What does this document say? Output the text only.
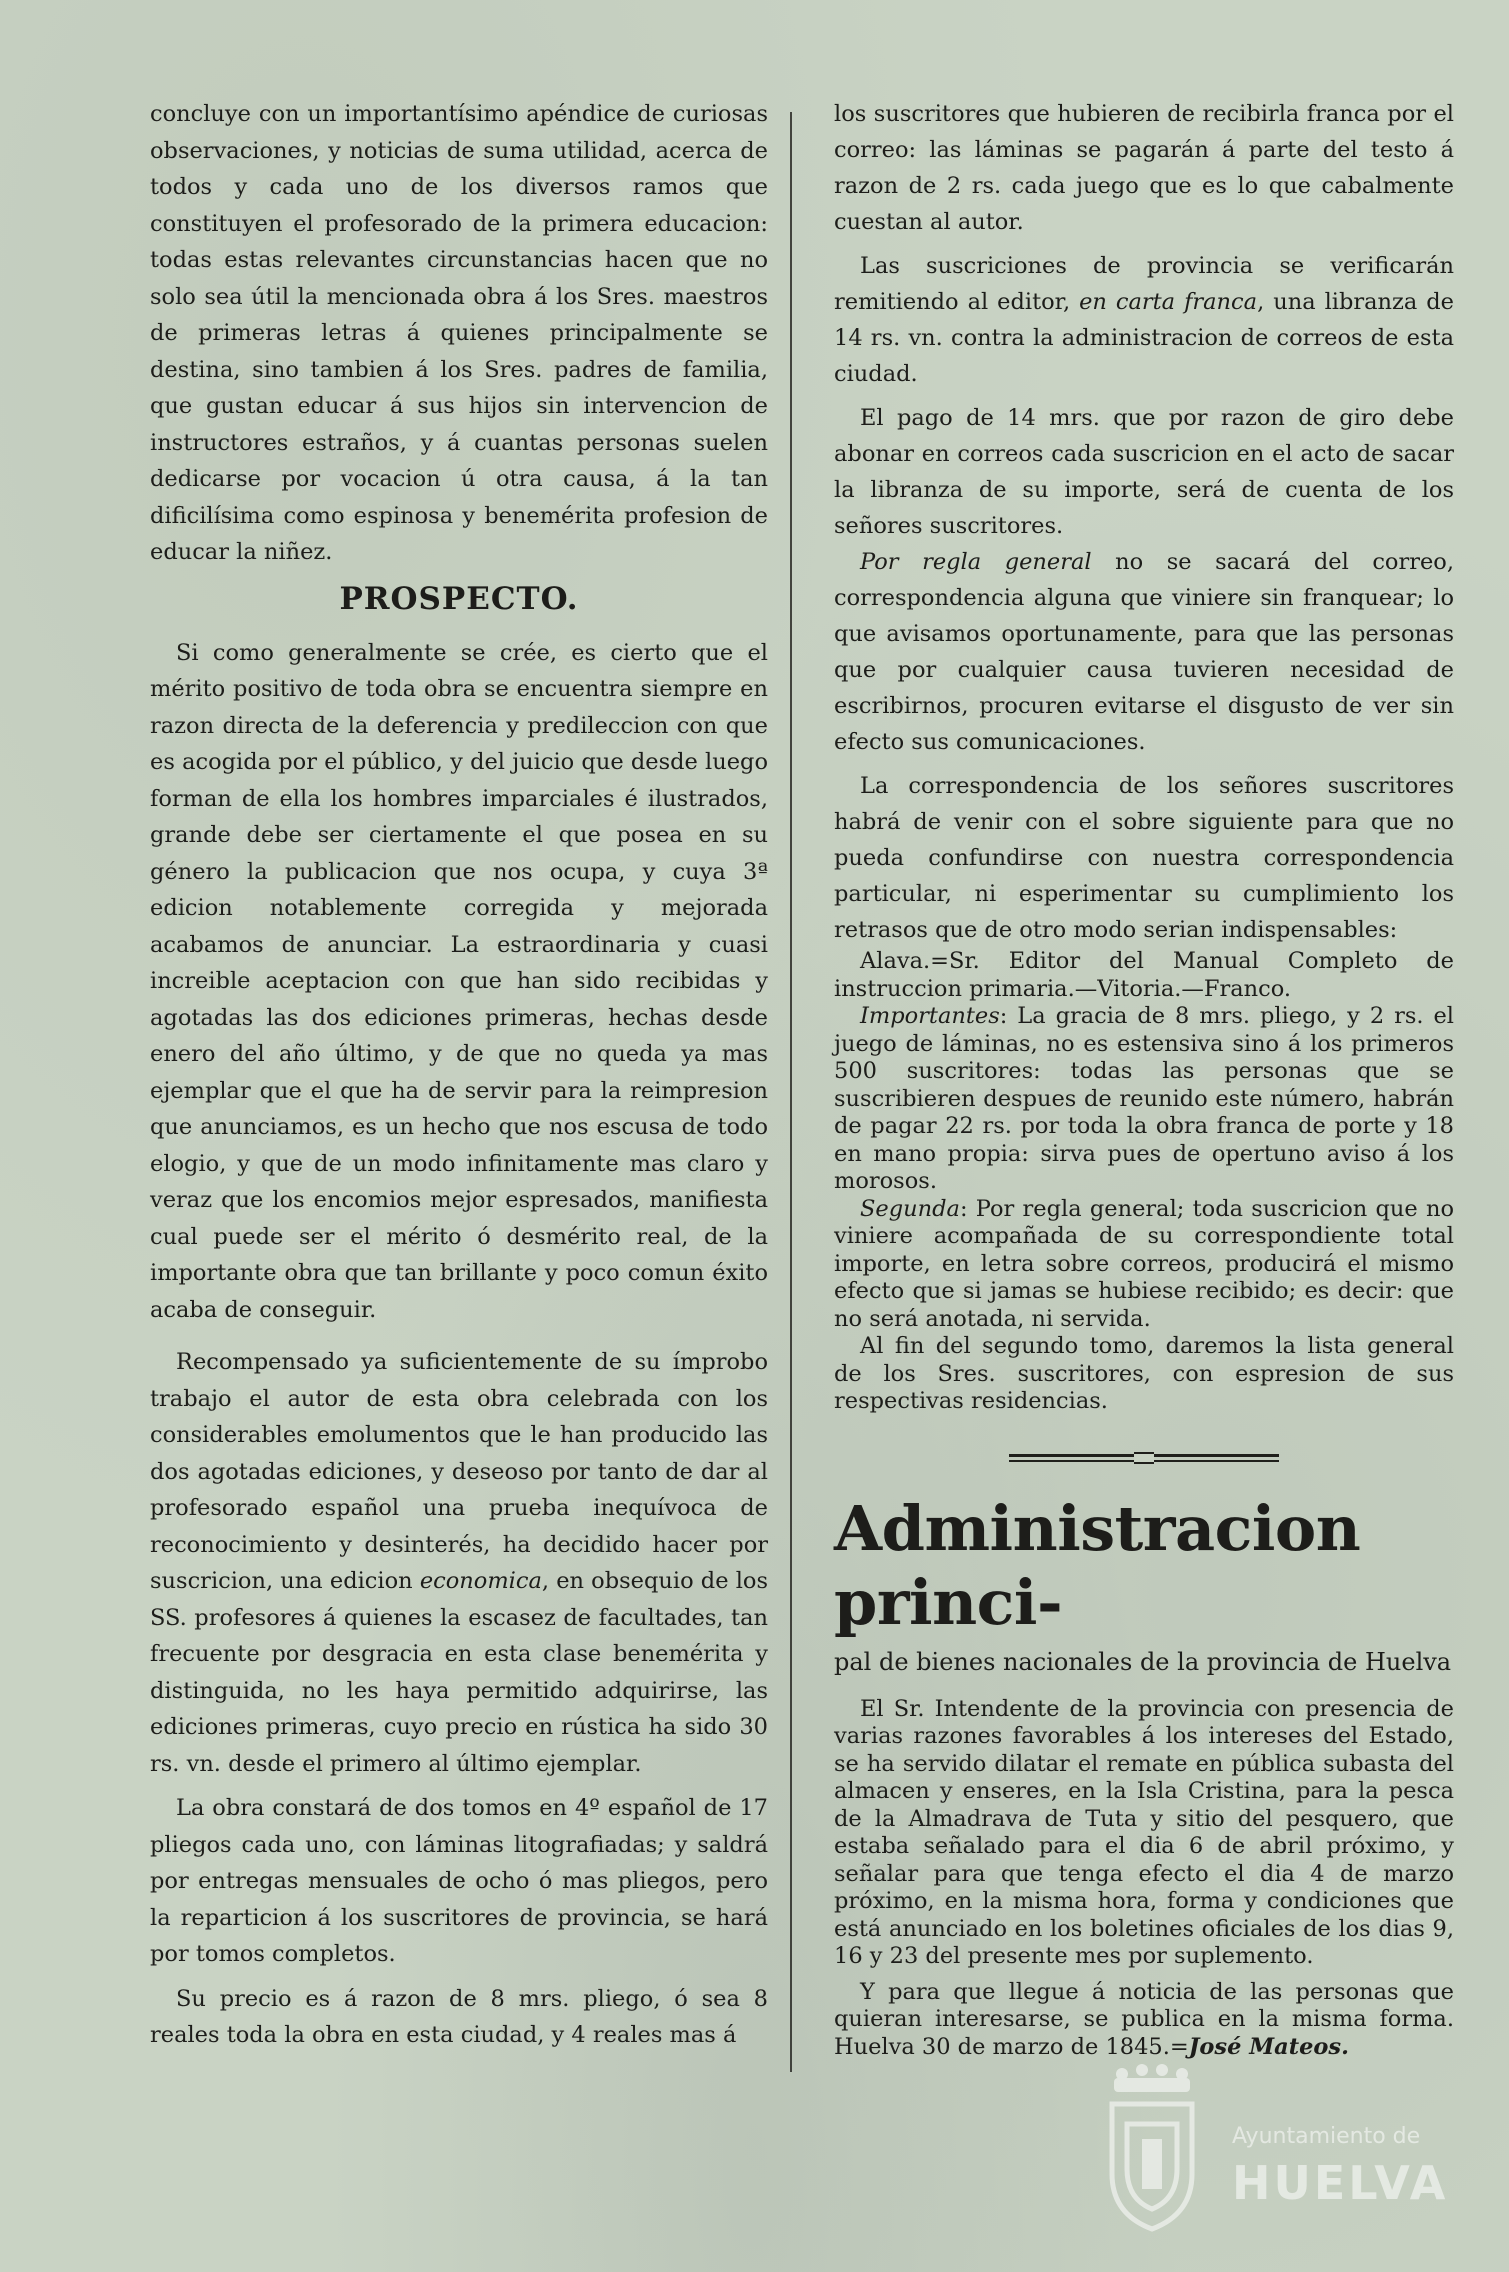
concluye con un importantísimo apéndice de curiosas observaciones, y noticias de suma utilidad, acerca de todos y cada uno de los diversos ramos que constituyen el profesorado de la primera educacion: todas estas relevantes circunstancias hacen que no solo sea útil la mencionada obra á los Sres. maestros de primeras letras á quienes principalmente se destina, sino tambien á los Sres. padres de familia, que gustan educar á sus hijos sin intervencion de instructores estraños, y á cuantas personas suelen dedicarse por vocacion ú otra causa, á la tan dificilísima como espinosa y benemérita profesion de educar la niñez.

PROSPECTO.

Si como generalmente se crée, es cierto que el mérito positivo de toda obra se encuentra siempre en razon directa de la deferencia y predileccion con que es acogida por el público, y del juicio que desde luego forman de ella los hombres imparciales é ilustrados, grande debe ser ciertamente el que posea en su género la publicacion que nos ocupa, y cuya 3ª edicion notablemente corregida y mejorada acabamos de anunciar. La estraordinaria y cuasi increible aceptacion con que han sido recibidas y agotadas las dos ediciones primeras, hechas desde enero del año último, y de que no queda ya mas ejemplar que el que ha de servir para la reimpresion que anunciamos, es un hecho que nos escusa de todo elogio, y que de un modo infinitamente mas claro y veraz que los encomios mejor espresados, manifiesta cual puede ser el mérito ó desmérito real, de la importante obra que tan brillante y poco comun éxito acaba de conseguir.

Recompensado ya suficientemente de su ímprobo trabajo el autor de esta obra celebrada con los considerables emolumentos que le han producido las dos agotadas ediciones, y deseoso por tanto de dar al profesorado español una prueba inequívoca de reconocimiento y desinterés, ha decidido hacer por suscricion, una edicion economica, en obsequio de los SS. profesores á quienes la escasez de facultades, tan frecuente por desgracia en esta clase benemérita y distinguida, no les haya permitido adquirirse, las ediciones primeras, cuyo precio en rústica ha sido 30 rs. vn. desde el primero al último ejemplar.

La obra constará de dos tomos en 4º español de 17 pliegos cada uno, con láminas litografiadas; y saldrá por entregas mensuales de ocho ó mas pliegos, pero la reparticion á los suscritores de provincia, se hará por tomos completos.

Su precio es á razon de 8 mrs. pliego, ó sea 8 reales toda la obra en esta ciudad, y 4 reales mas á

los suscritores que hubieren de recibirla franca por el correo: las láminas se pagarán á parte del testo á razon de 2 rs. cada juego que es lo que cabalmente cuestan al autor.

Las suscriciones de provincia se verificarán remitiendo al editor, en carta franca, una libranza de 14 rs. vn. contra la administracion de correos de esta ciudad.

El pago de 14 mrs. que por razon de giro debe abonar en correos cada suscricion en el acto de sacar la libranza de su importe, será de cuenta de los señores suscritores.

Por regla general no se sacará del correo, correspondencia alguna que viniere sin franquear; lo que avisamos oportunamente, para que las personas que por cualquier causa tuvieren necesidad de escribirnos, procuren evitarse el disgusto de ver sin efecto sus comunicaciones.

La correspondencia de los señores suscritores habrá de venir con el sobre siguiente para que no pueda confundirse con nuestra correspondencia particular, ni esperimentar su cumplimiento los retrasos que de otro modo serian indispensables:

Alava.=Sr. Editor del Manual Completo de instruccion primaria.—Vitoria.—Franco.

Importantes: La gracia de 8 mrs. pliego, y 2 rs. el juego de láminas, no es estensiva sino á los primeros 500 suscritores: todas las personas que se suscribieren despues de reunido este número, habrán de pagar 22 rs. por toda la obra franca de porte y 18 en mano propia: sirva pues de opertuno aviso á los morosos.

Segunda: Por regla general; toda suscricion que no viniere acompañada de su correspondiente total importe, en letra sobre correos, producirá el mismo efecto que si jamas se hubiese recibido; es decir: que no será anotada, ni servida.

Al fin del segundo tomo, daremos la lista general de los Sres. suscritores, con espresion de sus respectivas residencias.

Administracion princi-
pal de bienes nacionales de la provincia de Huelva

El Sr. Intendente de la provincia con presencia de varias razones favorables á los intereses del Estado, se ha servido dilatar el remate en pública subasta del almacen y enseres, en la Isla Cristina, para la pesca de la Almadrava de Tuta y sitio del pesquero, que estaba señalado para el dia 6 de abril próximo, y señalar para que tenga efecto el dia 4 de marzo próximo, en la misma hora, forma y condiciones que está anunciado en los boletines oficiales de los dias 9, 16 y 23 del presente mes por suplemento.

Y para que llegue á noticia de las personas que quieran interesarse, se publica en la misma forma. Huelva 30 de marzo de 1845.=José Mateos.

Ayuntamiento de
HUELVA
